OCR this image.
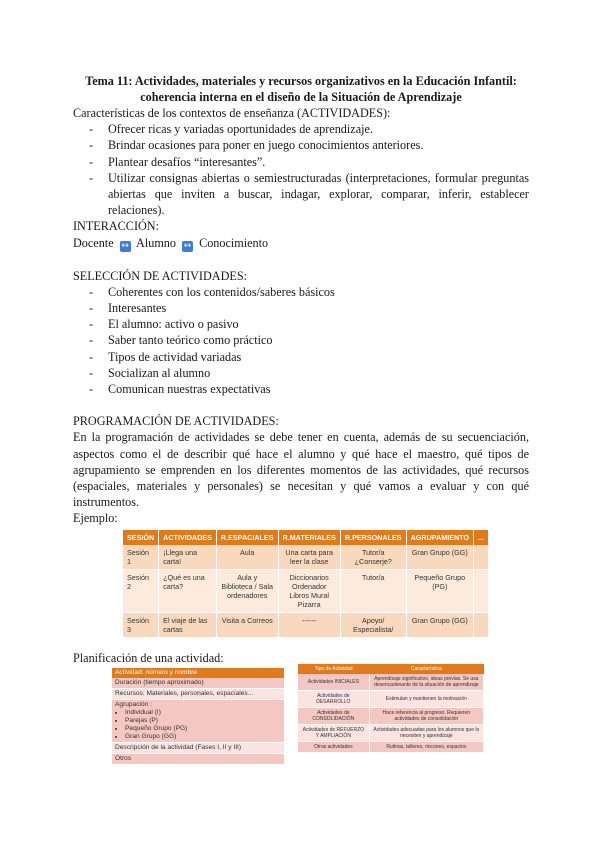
Tema 11: Actividades, materiales y recursos organizativos en la Educación Infantil:
coherencia interna en el diseño de la Situación de Aprendizaje
Características de los contextos de enseñanza (ACTIVIDADES):
- Ofrecer ricas y variadas oportunidades de aprendizaje.
- Brindar ocasiones para poner en juego conocimientos anteriores.
- Plantear desafíos “interesantes”.
- Utilizar consignas abiertas o semiestructuradas (interpretaciones, formular preguntas abiertas que inviten a buscar, indagar, explorar, comparar, inferir, establecer relaciones).
INTERACCIÓN:
Docente ↔ Alumno ↔ Conocimiento
SELECCIÓN DE ACTIVIDADES:
- Coherentes con los contenidos/saberes básicos
- Interesantes
- El alumno: activo o pasivo
- Saber tanto teórico como práctico
- Tipos de actividad variadas
- Socializan al alumno
- Comunican nuestras expectativas
PROGRAMACIÓN DE ACTIVIDADES:
En la programación de actividades se debe tener en cuenta, además de su secuenciación, aspectos como el de describir qué hace el alumno y qué hace el maestro, qué tipos de agrupamiento se emprenden en los diferentes momentos de las actividades, qué recursos (espaciales, materiales y personales) se necesitan y qué vamos a evaluar y con qué instrumentos.
Ejemplo:
SESIÓN	ACTIVIDADES	R.ESPACIALES	R.MATERIALES	R.PERSONALES	AGRUPAMIENTO	...
Sesión 1	¡Llega una carta!	Aula	Una carta para leer la clase	Tutor/a ¿Conserje?	Gran Grupo (GG)	
Sesión 2	¿Qué es una carta?	Aula y Biblioteca / Sala ordenadores	Diccionarios Ordenador Libros Mural Pizarra	Tutor/a	Pequeño Grupo (PG)	
Sesión 3	El viaje de las cartas	Visita a Correos	------	Apoyo/ Especialista/	Gran Grupo (GG)	
Planificación de una actividad:
Actividad: número y nombre
Duración (tiempo aproximado)
Recursos: Materiales, personales, espaciales...

Agrupación :
• Individual (I)
• Parejas (P)
• Pequeño Grupo (PG)
• Gran Grupo (GG)

Descripción de la actividad (Fases I, II y III)
Otros
Tipo de Actividad	Característica
Actividades INICIALES	Aprendizaje significativo, ideas previas. Se usa desencadenante de la situación de aprendizaje
Actividades de DESARROLLO	Estimulan y mantienen la motivación
Actividades de CONSOLIDACIÓN	Hace referencia al progreso. Requieren actividades de consolidación
Actividades de REFUERZO Y AMPLIACIÓN	Actividades adecuadas para los alumnos que lo necesiten y aprendizaje
Otras actividades	Rutinas, talleres, rincones, espacios
